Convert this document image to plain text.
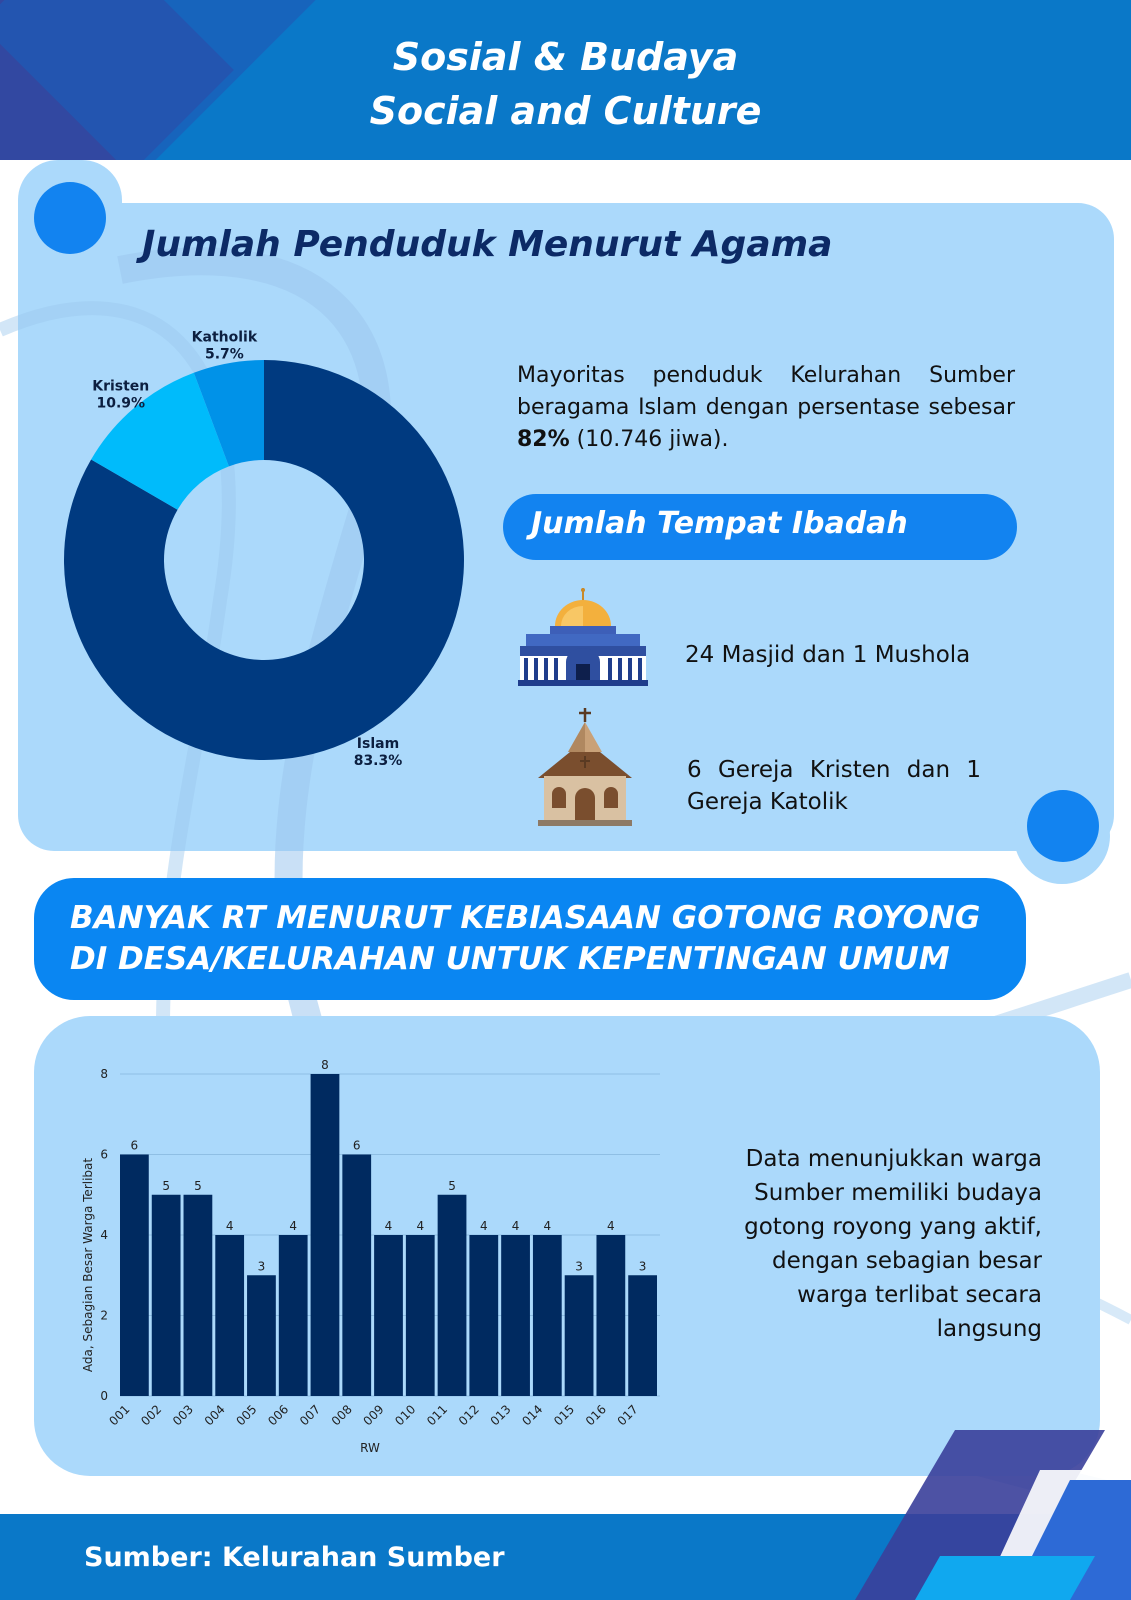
Sosial & Budaya
Social and Culture
Jumlah Penduduk Menurut Agama
Islam
83.3%
Kristen
10.9%
Katholik
5.7%
Mayoritas penduduk Kelurahan Sumber beragama Islam dengan persentase sebesar 82% (10.746 jiwa).
Jumlah Tempat Ibadah
24 Masjid dan 1 Mushola
6 Gereja Kristen dan 1 Gereja Katolik
BANYAK RT MENURUT KEBIASAAN GOTONG ROYONG
DI DESA/KELURAHAN UNTUK KEPENTINGAN UMUM
0
2
4
6
8
6
001
5
002
5
003
4
004
3
005
4
006
8
007
6
008
4
009
4
010
5
011
4
012
4
013
4
014
3
015
4
016
3
017
RW
Ada, Sebagian Besar Warga Terlibat	Data menunjukkan warga Sumber memiliki budaya gotong royong yang aktif, dengan sebagian besar warga terlibat secara langsung
Sumber: Kelurahan Sumber
